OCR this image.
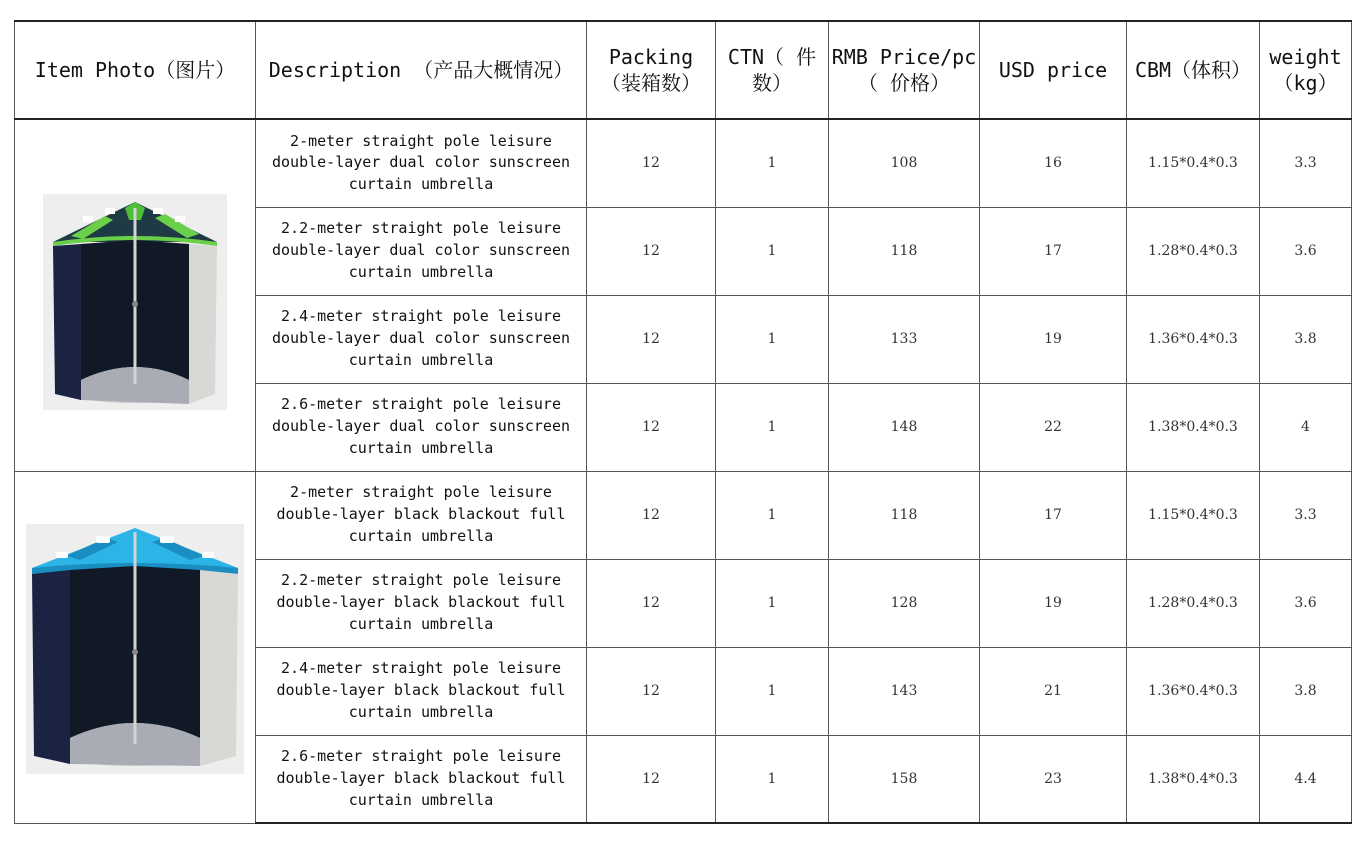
Item Photo（图片）	Description （产品大概情况）	Packing（装箱数）	CTN（ 件数）	RMB Price/pc（ 价格）	USD price	CBM（体积）	weight（kg）

	2-meter straight pole leisure double-layer dual color sunscreen curtain umbrella	12	1	108	16	1.15*0.4*0.3	3.3
	2.2-meter straight pole leisure double-layer dual color sunscreen curtain umbrella	12	1	118	17	1.28*0.4*0.3	3.6
	2.4-meter straight pole leisure double-layer dual color sunscreen curtain umbrella	12	1	133	19	1.36*0.4*0.3	3.8
	2.6-meter straight pole leisure double-layer dual color sunscreen curtain umbrella	12	1	148	22	1.38*0.4*0.3	4

	2-meter straight pole leisure double-layer black blackout full curtain umbrella	12	1	118	17	1.15*0.4*0.3	3.3
	2.2-meter straight pole leisure double-layer black blackout full curtain umbrella	12	1	128	19	1.28*0.4*0.3	3.6
	2.4-meter straight pole leisure double-layer black blackout full curtain umbrella	12	1	143	21	1.36*0.4*0.3	3.8
	2.6-meter straight pole leisure double-layer black blackout full curtain umbrella	12	1	158	23	1.38*0.4*0.3	4.4
